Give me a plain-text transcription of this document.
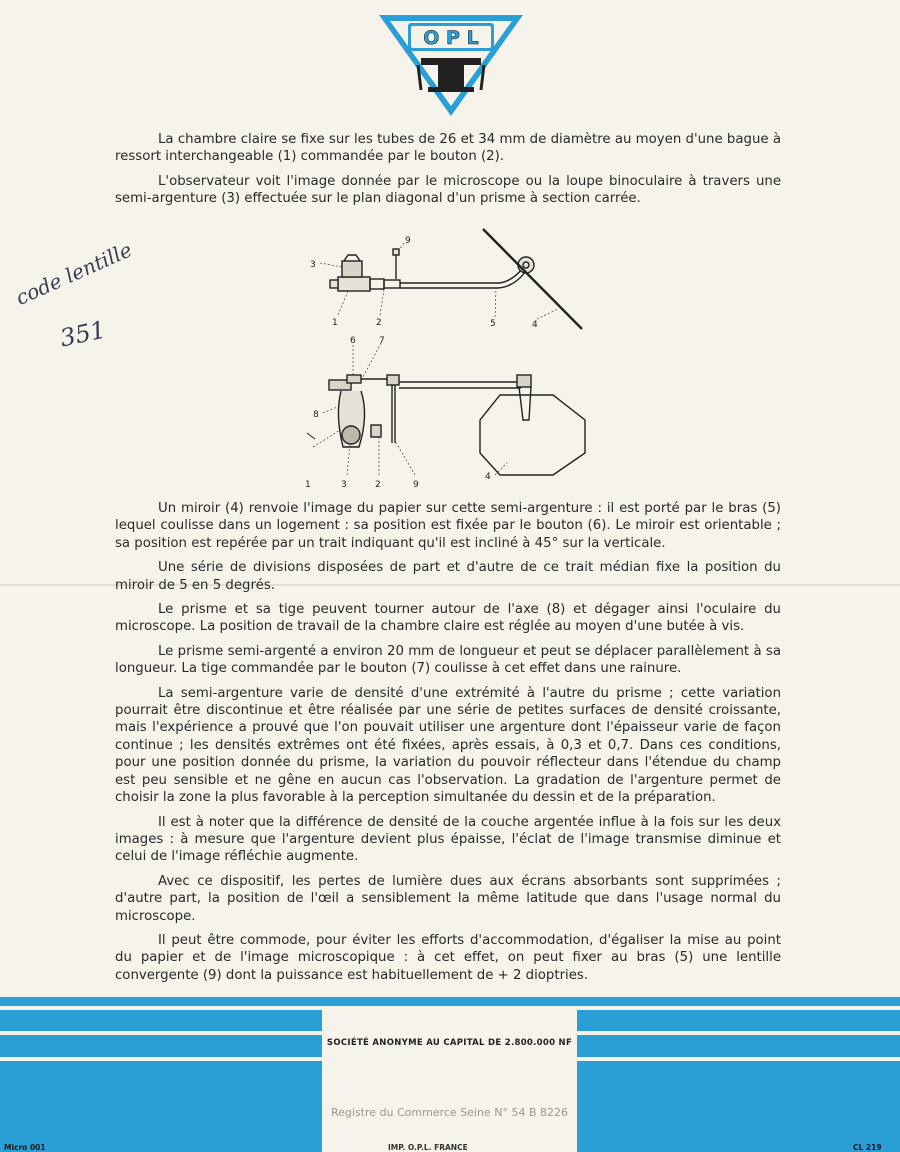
O P L

La chambre claire se fixe sur les tubes de 26 et 34 mm de diamètre au moyen d'une bague à ressort interchangeable (1) commandée par le bouton (2).

L'observateur voit l'image donnée par le microscope ou la loupe binoculaire à travers une semi-argenture (3) effectuée sur le plan diagonal d'un prisme à section carrée.

code lentille
351
3
9
1	2	5	4
6	7
8
1	3	2	9
4

Un miroir (4) renvoie l'image du papier sur cette semi-argenture : il est porté par le bras (5) lequel coulisse dans un logement : sa position est fixée par le bouton (6). Le miroir est orientable ; sa position est repérée par un trait indiquant qu'il est incliné à 45° sur la verticale.

Une série de divisions disposées de part et d'autre de ce trait médian fixe la position du miroir de 5 en 5 degrés.

Le prisme et sa tige peuvent tourner autour de l'axe (8) et dégager ainsi l'oculaire du microscope. La position de travail de la chambre claire est réglée au moyen d'une butée à vis.

Le prisme semi-argenté a environ 20 mm de longueur et peut se déplacer parallèlement à sa longueur. La tige commandée par le bouton (7) coulisse à cet effet dans une rainure.

La semi-argenture varie de densité d'une extrémité à l'autre du prisme ; cette variation pourrait être discontinue et être réalisée par une série de petites surfaces de densité croissante, mais l'expérience a prouvé que l'on pouvait utiliser une argenture dont l'épaisseur varie de façon continue ; les densités extrêmes ont été fixées, après essais, à 0,3 et 0,7. Dans ces conditions, pour une position donnée du prisme, la variation du pouvoir réflecteur dans l'étendue du champ est peu sensible et ne gêne en aucun cas l'observation. La gradation de l'argenture permet de choisir la zone la plus favorable à la perception simultanée du dessin et de la préparation.

Il est à noter que la différence de densité de la couche argentée influe à la fois sur les deux images : à mesure que l'argenture devient plus épaisse, l'éclat de l'image transmise diminue et celui de l'image réfléchie augmente.

Avec ce dispositif, les pertes de lumière dues aux écrans absorbants sont supprimées ; d'autre part, la position de l'œil a sensiblement la même latitude que dans l'usage normal du microscope.

Il peut être commode, pour éviter les efforts d'accommodation, d'égaliser la mise au point du papier et de l'image microscopique : à cet effet, on peut fixer au bras (5) une lentille convergente (9) dont la puissance est habituellement de + 2 dioptries.

SOCIÉTÉ ANONYME AU CAPITAL DE 2.800.000 NF
Registre du Commerce Seine N° 54 B 8226
Micro 001	IMP. O.P.L. FRANCE	CL 219
